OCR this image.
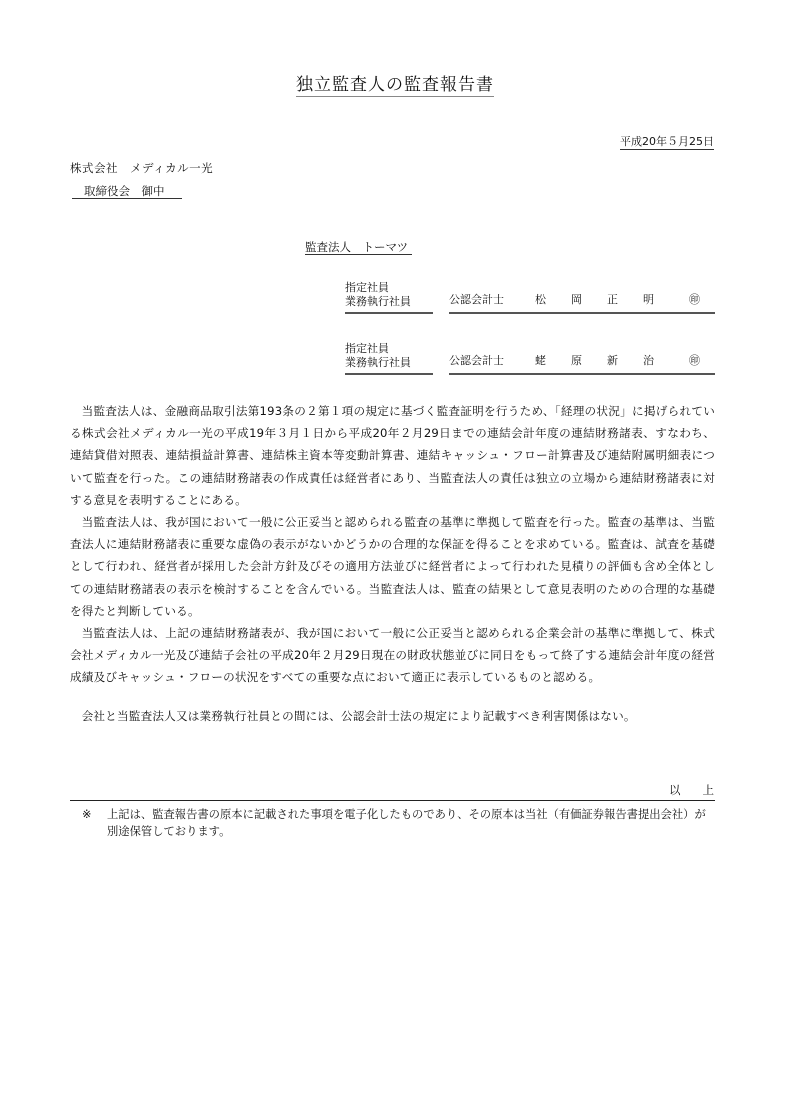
独立監査人の監査報告書
平成20年５月25日
株式会社　メディカル一光
取締役会　御中
監査法人　トーマツ
指定社員
業務執行社員	公認会計士	松 岡 正 明	㊞
指定社員
業務執行社員	公認会計士	蛯 原 新 治	㊞

当監査法人は、金融商品取引法第193条の２第１項の規定に基づく監査証明を行うため、「経理の状況」に掲げられている株式会社メディカル一光の平成19年３月１日から平成20年２月29日までの連結会計年度の連結財務諸表、すなわち、連結貸借対照表、連結損益計算書、連結株主資本等変動計算書、連結キャッシュ・フロー計算書及び連結附属明細表について監査を行った。この連結財務諸表の作成責任は経営者にあり、当監査法人の責任は独立の立場から連結財務諸表に対する意見を表明することにある。

当監査法人は、我が国において一般に公正妥当と認められる監査の基準に準拠して監査を行った。監査の基準は、当監査法人に連結財務諸表に重要な虚偽の表示がないかどうかの合理的な保証を得ることを求めている。監査は、試査を基礎として行われ、経営者が採用した会計方針及びその適用方法並びに経営者によって行われた見積りの評価も含め全体としての連結財務諸表の表示を検討することを含んでいる。当監査法人は、監査の結果として意見表明のための合理的な基礎を得たと判断している。

当監査法人は、上記の連結財務諸表が、我が国において一般に公正妥当と認められる企業会計の基準に準拠して、株式会社メディカル一光及び連結子会社の平成20年２月29日現在の財政状態並びに同日をもって終了する連結会計年度の経営成績及びキャッシュ・フローの状況をすべての重要な点において適正に表示しているものと認める。

会社と当監査法人又は業務執行社員との間には、公認会計士法の規定により記載すべき利害関係はない。

以 上
※	上記は、監査報告書の原本に記載された事項を電子化したものであり、その原本は当社（有価証券報告書提出会社）が別途保管しております。
